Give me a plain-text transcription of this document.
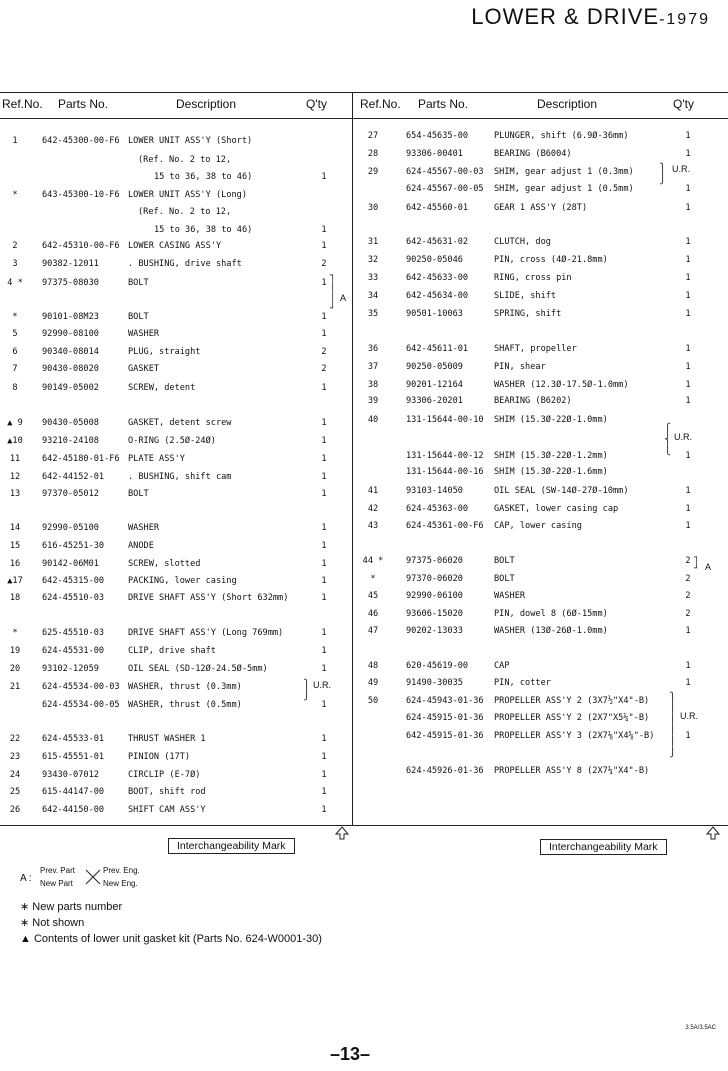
LOWER & DRIVE-1979
Ref.No. Parts No.	Description	Q'ty	Ref.No. Parts No.	Description	Q'ty
1	642-45300-00-F6 LOWER UNIT ASS'Y (Short)
(Ref. No. 2 to 12,
15 to 36, 38 to 46)	1
*	643-45300-10-F6 LOWER UNIT ASS'Y (Long)
(Ref. No. 2 to 12,
15 to 36, 38 to 46)	1
2	642-45310-00-F6 LOWER CASING ASS'Y	1
3	90382-12011	. BUSHING, drive shaft	2
4 *	97375-08030	BOLT	1
*	90101-08M23	BOLT	1
5	92990-08100	WASHER	1
6	90340-08014	PLUG, straight	2
7	90430-08020	GASKET	2
8	90149-05002	SCREW, detent	1
▲ 9	90430-05008	GASKET, detent screw	1
▲10	93210-24108	O-RING (2.5Ø-24Ø)	1
11	642-45180-01-F6 PLATE ASS'Y	1
12	642-44152-01	. BUSHING, shift cam	1
13	97370-05012	BOLT	1
14	92990-05100	WASHER	1
15	616-45251-30	ANODE	1
16	90142-06M01	SCREW, slotted	1
▲17	642-45315-00	PACKING, lower casing	1
18	624-45510-03	DRIVE SHAFT ASS'Y (Short 632mm)	1
*	625-45510-03	DRIVE SHAFT ASS'Y (Long 769mm)	1
19	624-45531-00	CLIP, drive shaft	1
20	93102-12059	OIL SEAL (SD-12Ø-24.5Ø-5mm)	1
21	624-45534-00-03 WASHER, thrust (0.3mm)
624-45534-00-05 WASHER, thrust (0.5mm)	1
22	624-45533-01	THRUST WASHER 1	1
23	615-45551-01	PINION (17T)	1
24	93430-07012	CIRCLIP (E-7Ø)	1
25	615-44147-00	BOOT, shift rod	1
26	642-44150-00	SHIFT CAM ASS'Y	1
27	654-45635-00	PLUNGER, shift (6.9Ø-36mm)	1
28	93306-00401	BEARING (B6004)	1
29	624-45567-00-03 SHIM, gear adjust 1 (0.3mm)
624-45567-00-05 SHIM, gear adjust 1 (0.5mm)	1
30	642-45560-01	GEAR 1 ASS'Y (28T)	1
31	642-45631-02	CLUTCH, dog	1
32	90250-05046	PIN, cross (4Ø-21.8mm)	1
33	642-45633-00	RING, cross pin	1
34	642-45634-00	SLIDE, shift	1
35	90501-10063	SPRING, shift	1
36	642-45611-01	SHAFT, propeller	1
37	90250-05009	PIN, shear	1
38	90201-12164	WASHER (12.3Ø-17.5Ø-1.0mm)	1
39	93306-20201	BEARING (B6202)	1
40	131-15644-00-10 SHIM (15.3Ø-22Ø-1.0mm)
131-15644-00-12 SHIM (15.3Ø-22Ø-1.2mm)	1
131-15644-00-16 SHIM (15.3Ø-22Ø-1.6mm)
41	93103-14050	OIL SEAL (SW-14Ø-27Ø-10mm)	1
42	624-45363-00	GASKET, lower casing cap	1
43	624-45361-00-F6 CAP, lower casing	1
44 *	97375-06020	BOLT	2
*	97370-06020	BOLT	2
45	92990-06100	WASHER	2
46	93606-15020	PIN, dowel 8 (6Ø-15mm)	2
47	90202-13033	WASHER (13Ø-26Ø-1.0mm)	1
48	620-45619-00	CAP	1
49	91490-30035	PIN, cotter	1
50	624-45943-01-36 PROPELLER ASS'Y 2 (3X7½"X4"-B)
624-45915-01-36 PROPELLER ASS'Y 2 (2X7"X5¼"-B)
642-45915-01-36 PROPELLER ASS'Y 3 (2X7⅛"X4⅝"-B)	1
624-45926-01-36 PROPELLER ASS'Y 8 (2X7¼"X4"-B)
┐
│
│
┘
A
⎫
⎭
U.R.
⎫
⎭
U.R.
⎧
⎨
⎩
U.R.
┐
┘ A
⎫
⎪
⎪
⎪
⎪
⎭
U.R.
Interchangeability Mark	Interchangeability Mark
A :
Prev. Part
New Part
Prev. Eng.
New Eng.
∗ New parts number
∗ Not shown
▲ Contents of lower unit gasket kit (Parts No. 624-W0001-30)
3.5A/3.5AC
–13–
